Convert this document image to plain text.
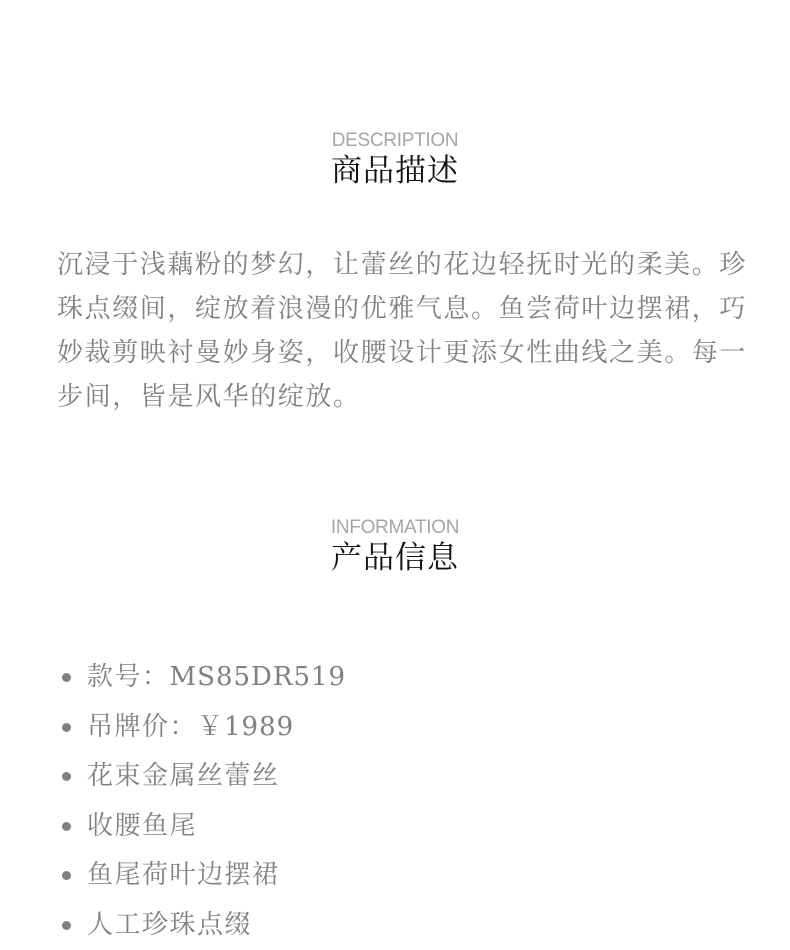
DESCRIPTION
商品描述

沉浸于浅藕粉的梦幻，让蕾丝的花边轻抚时光的柔美。珍珠点缀间，绽放着浪漫的优雅气息。鱼尝荷叶边摆裙，巧妙裁剪映衬曼妙身姿，收腰设计更添女性曲线之美。每一步间，皆是风华的绽放。

INFORMATION
产品信息
款号：MS85DR519
吊牌价：￥1989
花束金属丝蕾丝
收腰鱼尾
鱼尾荷叶边摆裙
人工珍珠点缀
